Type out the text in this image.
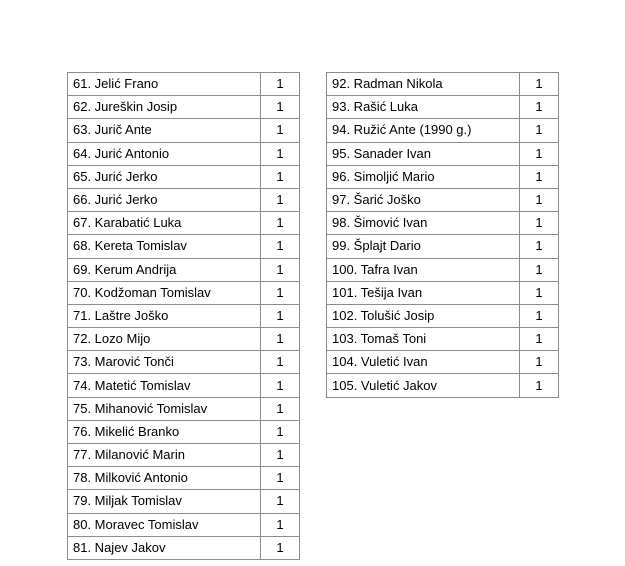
61. Jelić Frano	1
62. Jureškin Josip	1
63. Jurič Ante	1
64. Jurić Antonio	1
65. Jurić Jerko	1
66. Jurić Jerko	1
67. Karabatić Luka	1
68. Kereta Tomislav	1
69. Kerum Andrija	1
70. Kodžoman Tomislav	1
71. Laštre Joško	1
72. Lozo Mijo	1
73. Marović Tonči	1
74. Matetić Tomislav	1
75. Mihanović Tomislav	1
76. Mikelić Branko	1
77. Milanović Marin	1
78. Milković Antonio	1
79. Miljak Tomislav	1
80. Moravec Tomislav	1
81. Najev Jakov	1
92. Radman Nikola	1
93. Rašić Luka	1
94. Ružić Ante (1990 g.)	1
95. Sanader Ivan	1
96. Simoljić Mario	1
97. Šarić Joško	1
98. Šimović Ivan	1
99. Šplajt Dario	1
100. Tafra Ivan	1
101. Tešija Ivan	1
102. Tolušić Josip	1
103. Tomaš Toni	1
104. Vuletić Ivan	1
105. Vuletić Jakov	1
